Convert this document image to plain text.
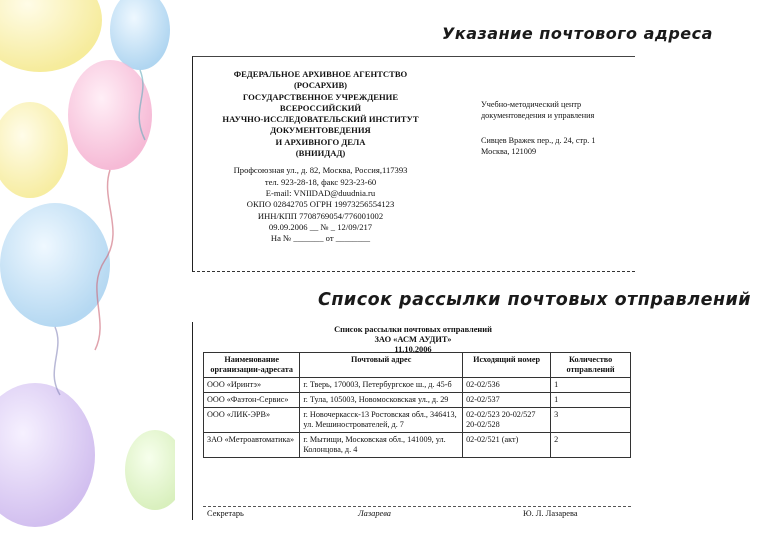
Указание почтового адреса
ФЕДЕРАЛЬНОЕ АРХИВНОЕ АГЕНТСТВО
(РОСАРХИВ)
ГОСУДАРСТВЕННОЕ УЧРЕЖДЕНИЕ
ВСЕРОССИЙСКИЙ
НАУЧНО-ИССЛЕДОВАТЕЛЬСКИЙ ИНСТИТУТ
ДОКУМЕНТОВЕДЕНИЯ
И АРХИВНОГО ДЕЛА
(ВНИИДАД)
Профсоюзная ул., д. 82, Москва, Россия,117393
тел. 923-28-18, факс 923-23-60
E-mail: VNIIDAD@duudnia.ru
ОКПО 02842705 ОГРН 1997325655412З
ИНН/КПП 7708769054/776001002
09.09.2006 __ № _ 12/09/217
На № _______ от ________
Учебно-методический центр
документоведения и управления
Сивцев Вражек пер., д. 24, стр. 1
Москва, 121009
Список рассылки почтовых отправлений
Список рассылки почтовых отправлений
ЗАО «АСМ АУДИТ»
11.10.2006
Наименование организации-адресата	Почтовый адрес	Исходящий номер	Количество отправлений
ООО «Иринтэ»	г. Тверь, 170003, Петербургское ш., д. 45-б	02-02/536	1
ООО «Фаэтон-Сервис»	г. Тула, 105003, Новомосковская ул., д. 29	02-02/537	1
ООО «ЛИК-ЭРВ»	г. Новочеркасск-13 Ростовская обл., 346413, ул. Мешинострователей, д. 7	02-02/523 20-02/527 20-02/528	3
ЗАО «Метроавтоматика»	г. Мытищи, Московская обл., 141009, ул. Колонцова, д. 4	02-02/521 (акт)	2
Секретарь	Лазарева	Ю. Л. Лазарева
